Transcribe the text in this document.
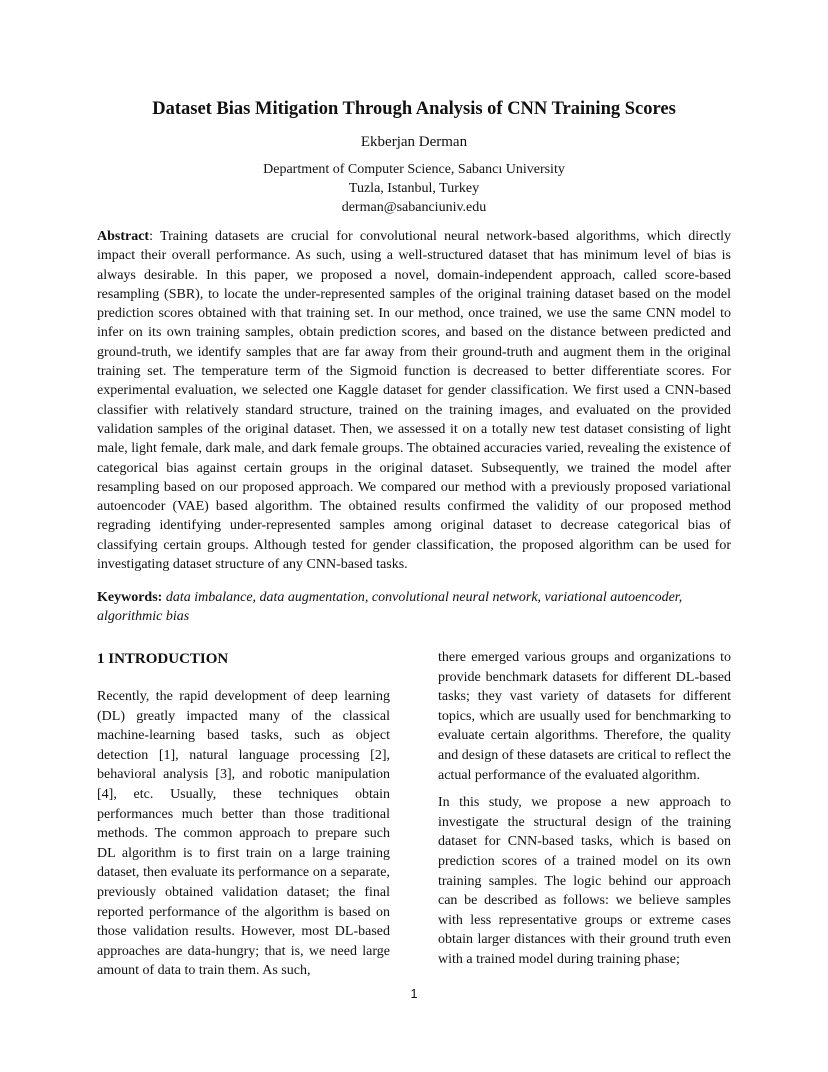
Dataset Bias Mitigation Through Analysis of CNN Training Scores
Ekberjan Derman
Department of Computer Science, Sabancı University
Tuzla, Istanbul, Turkey
derman@sabanciuniv.edu
Abstract: Training datasets are crucial for convolutional neural network-based algorithms, which directly impact their overall performance. As such, using a well-structured dataset that has minimum level of bias is always desirable. In this paper, we proposed a novel, domain-independent approach, called score-based resampling (SBR), to locate the under-represented samples of the original training dataset based on the model prediction scores obtained with that training set. In our method, once trained, we use the same CNN model to infer on its own training samples, obtain prediction scores, and based on the distance between predicted and ground-truth, we identify samples that are far away from their ground-truth and augment them in the original training set. The temperature term of the Sigmoid function is decreased to better differentiate scores. For experimental evaluation, we selected one Kaggle dataset for gender classification. We first used a CNN-based classifier with relatively standard structure, trained on the training images, and evaluated on the provided validation samples of the original dataset. Then, we assessed it on a totally new test dataset consisting of light male, light female, dark male, and dark female groups. The obtained accuracies varied, revealing the existence of categorical bias against certain groups in the original dataset. Subsequently, we trained the model after resampling based on our proposed approach. We compared our method with a previously proposed variational autoencoder (VAE) based algorithm. The obtained results confirmed the validity of our proposed method regrading identifying under-represented samples among original dataset to decrease categorical bias of classifying certain groups. Although tested for gender classification, the proposed algorithm can be used for investigating dataset structure of any CNN-based tasks.
Keywords: data imbalance, data augmentation, convolutional neural network, variational autoencoder, algorithmic bias
1 INTRODUCTION

Recently, the rapid development of deep learning (DL) greatly impacted many of the classical machine-learning based tasks, such as object detection [1], natural language processing [2], behavioral analysis [3], and robotic manipulation [4], etc. Usually, these techniques obtain performances much better than those traditional methods. The common approach to prepare such DL algorithm is to first train on a large training dataset, then evaluate its performance on a separate, previously obtained validation dataset; the final reported performance of the algorithm is based on those validation results. However, most DL-based approaches are data-hungry; that is, we need large amount of data to train them. As such,

there emerged various groups and organizations to provide benchmark datasets for different DL-based tasks; they vast variety of datasets for different topics, which are usually used for benchmarking to evaluate certain algorithms. Therefore, the quality and design of these datasets are critical to reflect the actual performance of the evaluated algorithm.

In this study, we propose a new approach to investigate the structural design of the training dataset for CNN-based tasks, which is based on prediction scores of a trained model on its own training samples. The logic behind our approach can be described as follows: we believe samples with less representative groups or extreme cases obtain larger distances with their ground truth even with a trained model during training phase;

1
